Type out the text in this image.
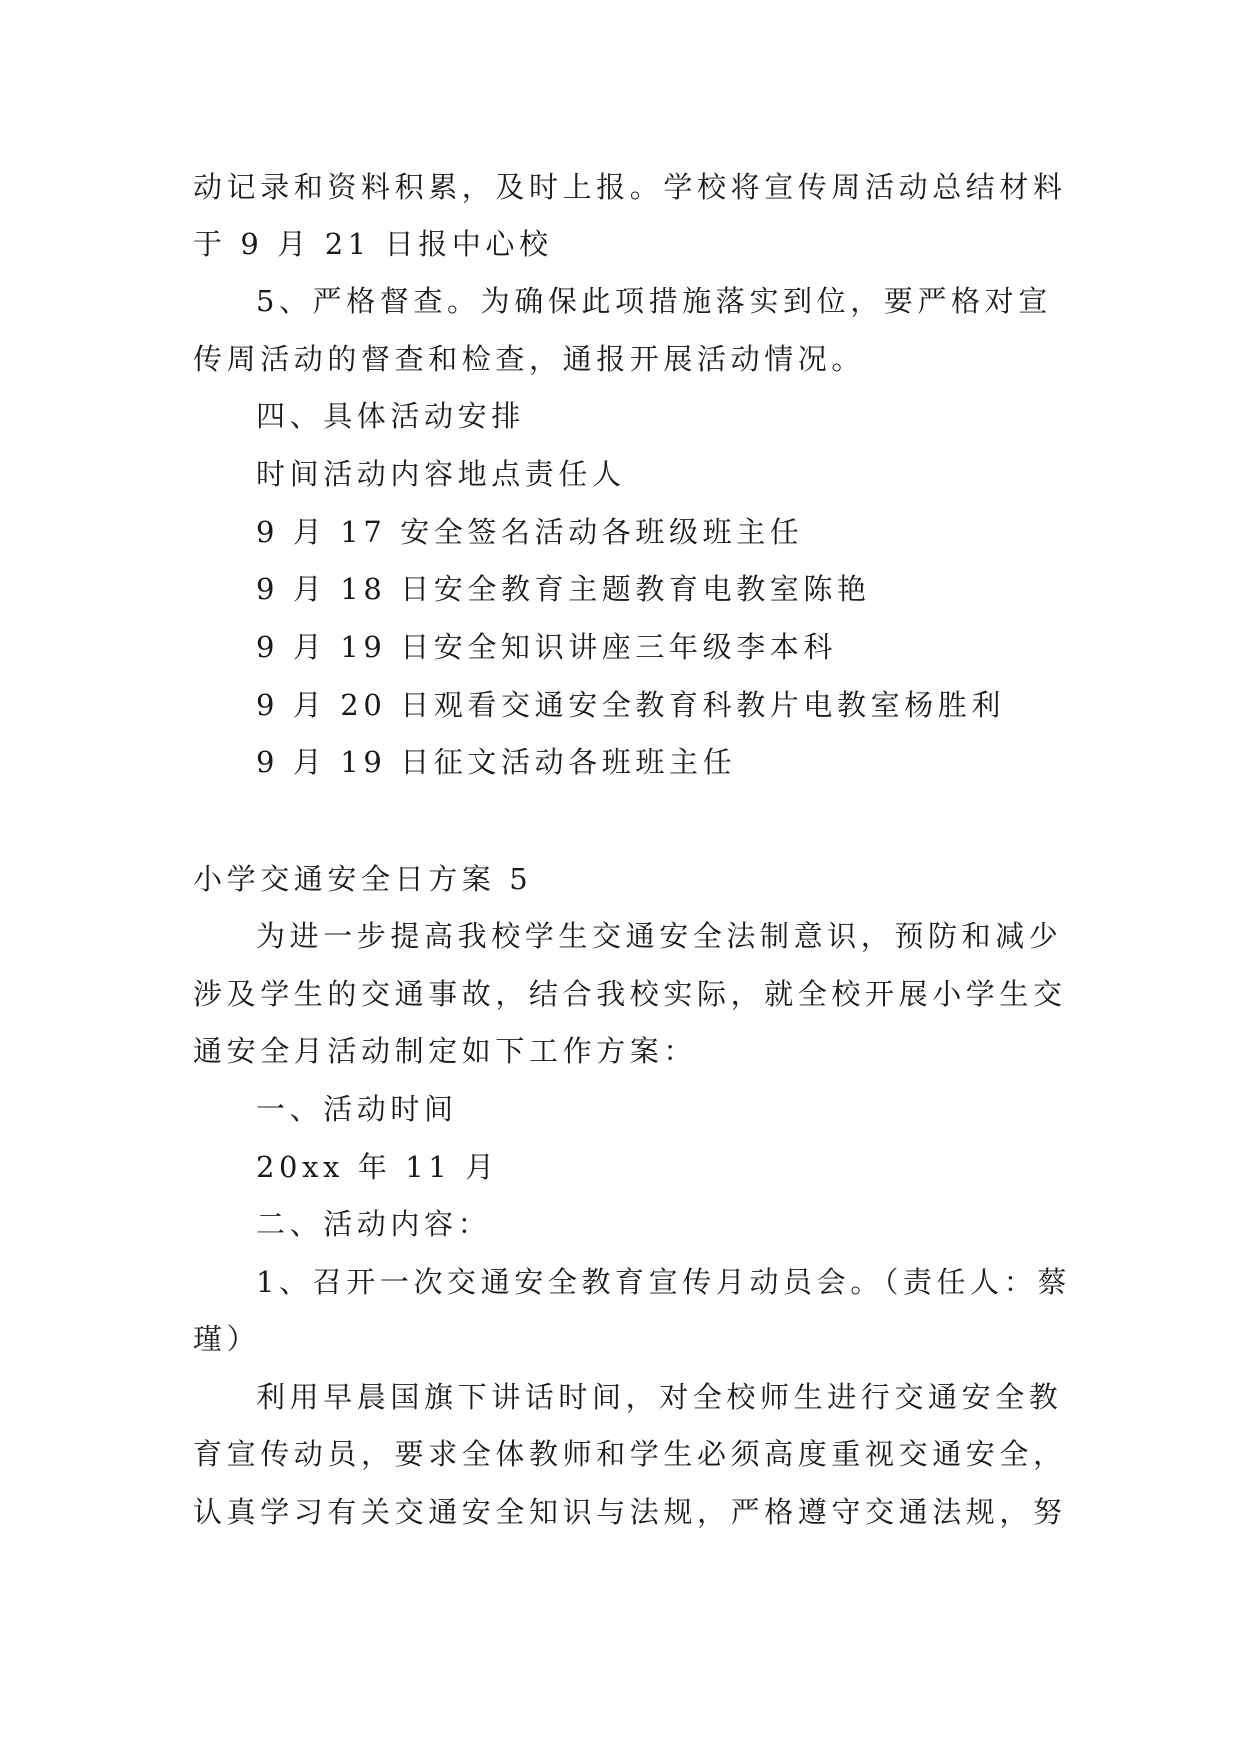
动记录和资料积累，及时上报。学校将宣传周活动总结材料
于 9 月 21 日报中心校
5、严格督查。为确保此项措施落实到位，要严格对宣
传周活动的督查和检查，通报开展活动情况。
四、具体活动安排
时间活动内容地点责任人
9 月 17 安全签名活动各班级班主任
9 月 18 日安全教育主题教育电教室陈艳
9 月 19 日安全知识讲座三年级李本科
9 月 20 日观看交通安全教育科教片电教室杨胜利
9 月 19 日征文活动各班班主任
小学交通安全日方案 5
为进一步提高我校学生交通安全法制意识，预防和减少
涉及学生的交通事故，结合我校实际，就全校开展小学生交
通安全月活动制定如下工作方案：
一、活动时间
20xx 年 11 月
二、活动内容：
1、召开一次交通安全教育宣传月动员会。（责任人：蔡
瑾）
利用早晨国旗下讲话时间，对全校师生进行交通安全教
育宣传动员，要求全体教师和学生必须高度重视交通安全，
认真学习有关交通安全知识与法规，严格遵守交通法规，努
